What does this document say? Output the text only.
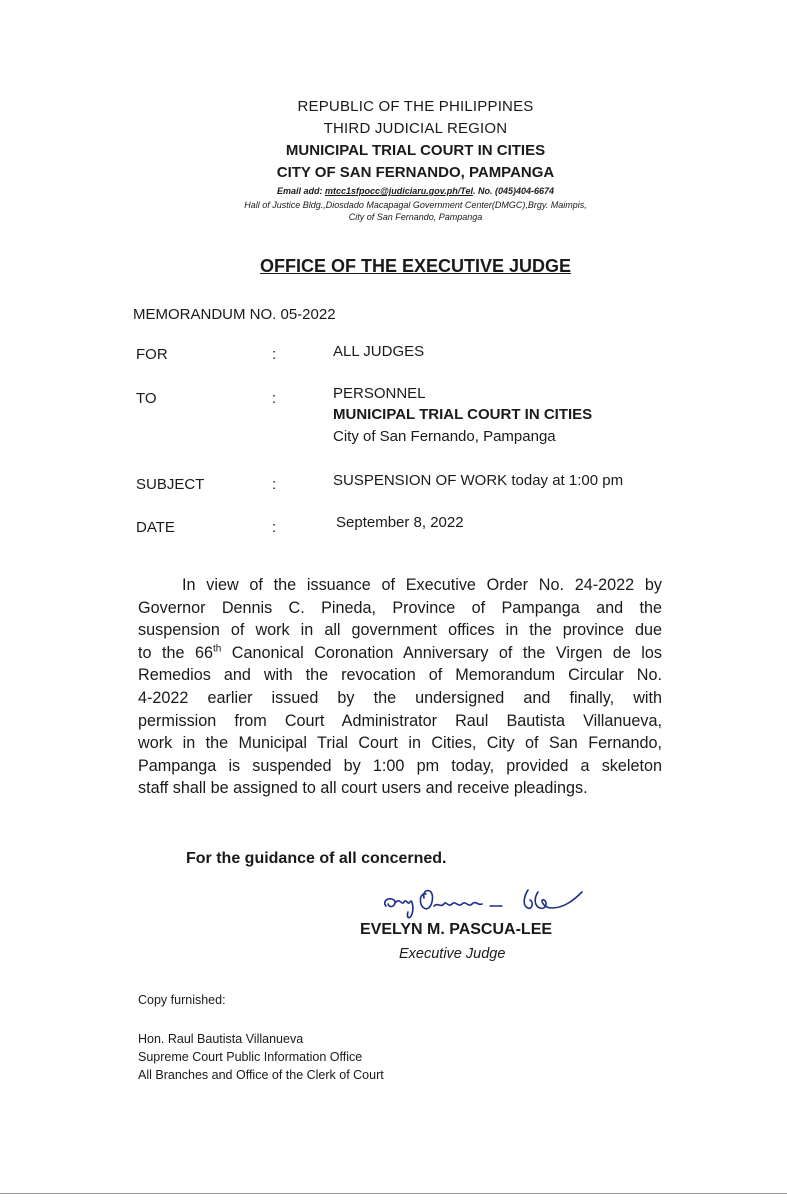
REPUBLIC OF THE PHILIPPINES
THIRD JUDICIAL REGION
MUNICIPAL TRIAL COURT IN CITIES
CITY OF SAN FERNANDO, PAMPANGA
Email add: mtcc1sfpocc@judiciaru.gov.ph/Tel. No. (045)404-6674
Hall of Justice Bldg.,Diosdado Macapagal Government Center(DMGC),Brgy. Maimpis,
City of San Fernando, Pampanga
OFFICE OF THE EXECUTIVE JUDGE
MEMORANDUM NO. 05-2022
FOR	:	ALL JUDGES
TO	:	PERSONNEL
MUNICIPAL TRIAL COURT IN CITIES
City of San Fernando, Pampanga
SUBJECT	:	SUSPENSION OF WORK today at 1:00 pm
DATE	:	September 8, 2022
In view of the issuance of Executive Order No. 24-2022 by
Governor Dennis C. Pineda, Province of Pampanga and the
suspension of work in all government offices in the province due
to the 66th Canonical Coronation Anniversary of the Virgen de los
Remedios and with the revocation of Memorandum Circular No.
4-2022 earlier issued by the undersigned and finally, with
permission from Court Administrator Raul Bautista Villanueva,
work in the Municipal Trial Court in Cities, City of San Fernando,
Pampanga is suspended by 1:00 pm today, provided a skeleton
staff shall be assigned to all court users and receive pleadings.
For the guidance of all concerned.
EVELYN M. PASCUA-LEE
Executive Judge
Copy furnished:
Hon. Raul Bautista Villanueva
Supreme Court Public Information Office
All Branches and Office of the Clerk of Court
